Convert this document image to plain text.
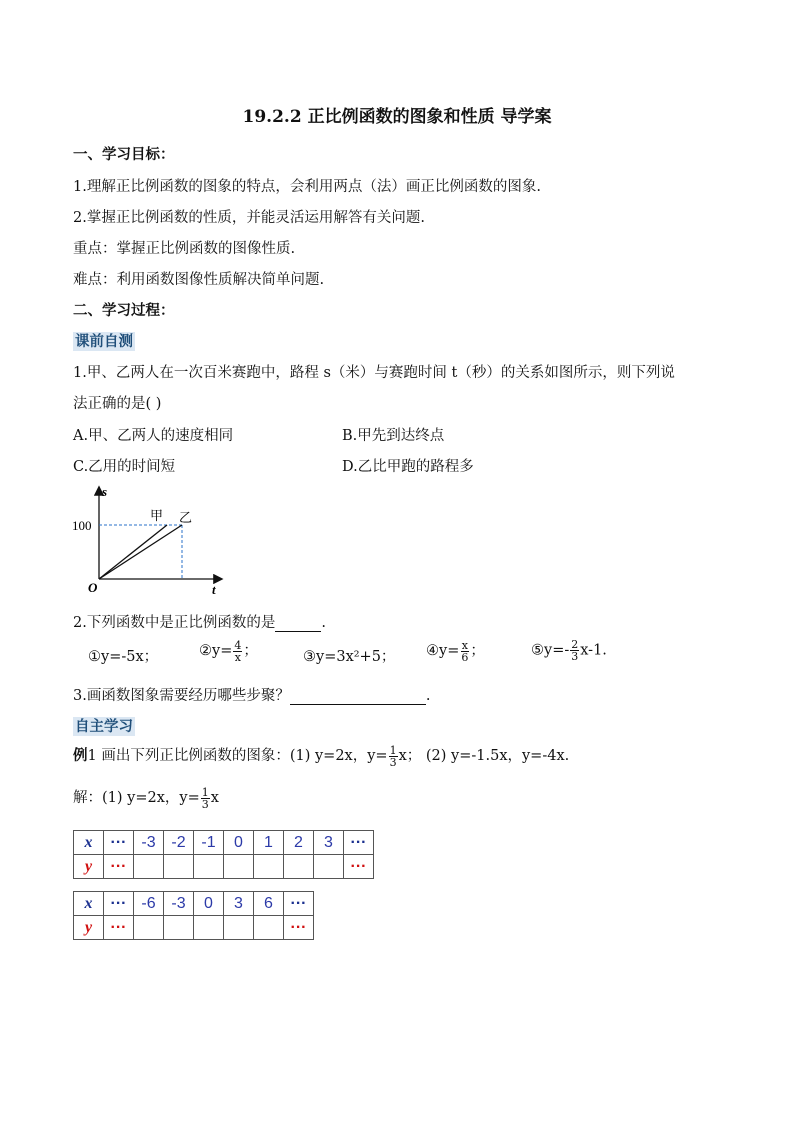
19.2.2 正比例函数的图象和性质 导学案
一、学习目标：
1.理解正比例函数的图象的特点，会利用两点（法）画正比例函数的图象.
2.掌握正比例函数的性质，并能灵活运用解答有关问题.
重点：掌握正比例函数的图像性质.
难点：利用函数图像性质解决简单问题.
二、学习过程：
课前自测
1.甲、乙两人在一次百米赛跑中，路程 s（米）与赛跑时间 t（秒）的关系如图所示，则下列说
法正确的是( )
A.甲、乙两人的速度相同	B.甲先到达终点
C.乙用的时间短	D.乙比甲跑的路程多
s
t
O
100
甲 乙
2.下列函数中是正比例函数的是	.
①y=-5x；	②y= $\frac{4}{x}$ ；	③y=3x²+5； ④y= $\frac{x}{6}$ ；	⑤y=- $\frac{2}{3} x-1$.
3.画函数图象需要经历哪些步聚？	.
自主学习
例1 画出下列正比例函数的图象：(1) y=2x，$y= \frac{1}{3}$ x； (2) y=-1.5x，y=-4x.
解：(1) y=2x，$y= \frac{1}{3}$ x
x	···	-3	-2	-1	0	1	2	3	···
y	···								···
x	···	-6	-3	0	3	6	···
y	···						···
